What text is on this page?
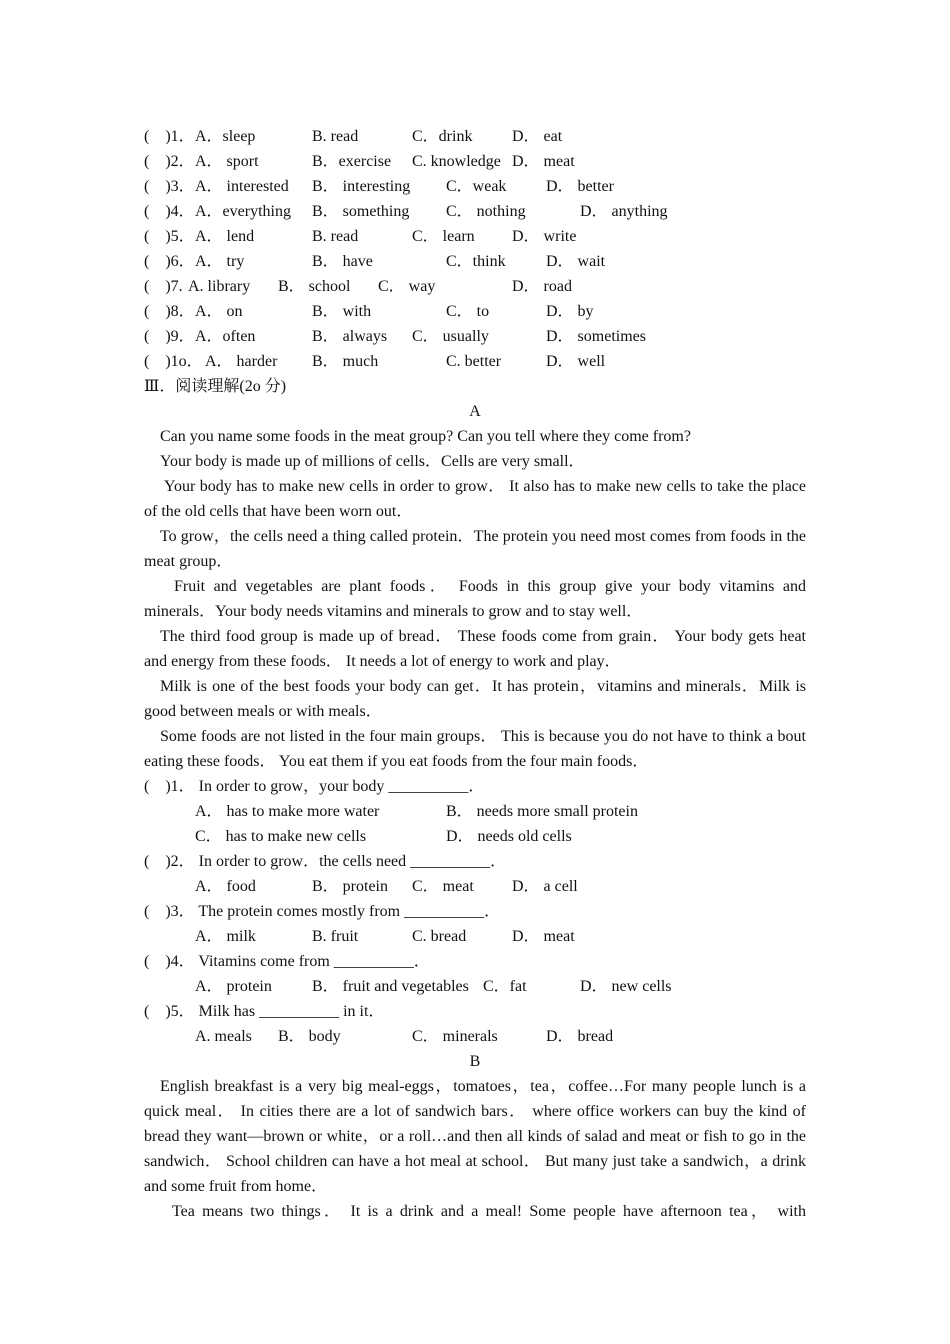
(    )1． A．sleep	B. read	C．drink D． eat
(    )2． A． sport	B．exercise C. knowledge D． meat
(    )3． A． interested B． interesting C．weak D． better
(    )4． A．everything B． something C． nothing	D． anything
(    )5． A． lend	B. read	C． learn D． write
(    )6． A． try	B． have	C．think	D． wait
(    )7. A. library B． school C． way	D． road
(    )8． A． on	B． with	C． to	D． by
(    )9． A．often	B． always C． usually	D． sometimes
(    )1o． A． harder B． much	C. better	D． well
Ⅲ．阅读理解(2o 分)
A
Can you name some foods in the meat group? Can you tell where they come from?
Your body is made up of millions of cells．Cells are very small．
Your body has to make new cells in order to grow． It also has to make new cells to take the place of the old cells that have been worn out．
To grow，the cells need a thing called protein．The protein you need most comes from foods in the meat group．
Fruit and vegetables are plant foods． Foods in this group give your body vitamins and minerals．Your body needs vitamins and minerals to grow and to stay well．
The third food group is made up of bread． These foods come from grain． Your body gets heat and energy from these foods． It needs a lot of energy to work and play．
Milk is one of the best foods your body can get．It has protein，vitamins and minerals．Milk is good between meals or with meals．
Some foods are not listed in the four main groups． This is because you do not have to think a bout eating these foods． You eat them if you eat foods from the four main foods．
(    )1． In order to grow，your body __________．
A． has to make more water	B． needs more small protein
C． has to make new cells	D． needs old cells
(    )2． In order to grow．the cells need __________．
A． food	B． protein C． meat D． a cell
(    )3． The protein comes mostly from __________．
A． milk	B. fruit	C. bread	D． meat
(    )4． Vitamins come from __________．
A． protein	B． fruit and vegetables C．fat	D． new cells
(    )5． Milk has __________ in it．
A. meals B． body	C． minerals	D． bread
B
English breakfast is a very big meal-eggs，tomatoes，tea，coffee…For many people lunch is a quick meal． In cities there are a lot of sandwich bars． where office workers can buy the kind of bread they want—brown or white，or a roll…and then all kinds of salad and meat or fish to go in the sandwich． School children can have a hot meal at school． But many just take a sandwich，a drink and some fruit from home．
Tea means two things． It is a drink and a meal! Some people have afternoon tea， with
